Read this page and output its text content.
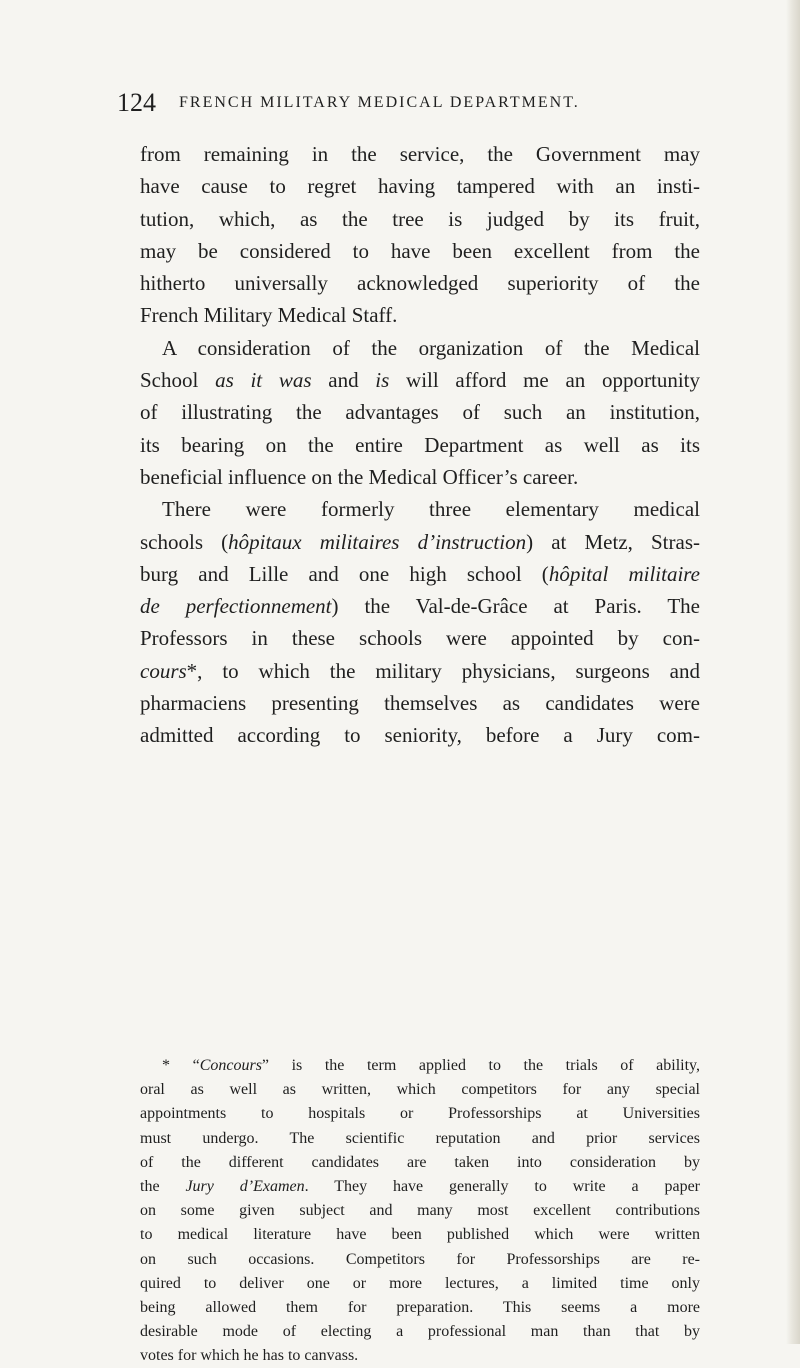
124 FRENCH MILITARY MEDICAL DEPARTMENT.
from remaining in the service, the Government may
have cause to regret having tampered with an insti-
tution, which, as the tree is judged by its fruit,
may be considered to have been excellent from the
hitherto universally acknowledged superiority of the
French Military Medical Staff.
A consideration of the organization of the Medical
School as it was and is will afford me an opportunity
of illustrating the advantages of such an institution,
its bearing on the entire Department as well as its
beneficial influence on the Medical Officer’s career.
There were formerly three elementary medical
schools (hôpitaux militaires d’instruction) at Metz, Stras-
burg and Lille and one high school (hôpital militaire
de perfectionnement) the Val-de-Grâce at Paris. The
Professors in these schools were appointed by con-
cours*, to which the military physicians, surgeons and
pharmaciens presenting themselves as candidates were
admitted according to seniority, before a Jury com-
* “Concours” is the term applied to the trials of ability,
oral as well as written, which competitors for any special
appointments to hospitals or Professorships at Universities
must undergo. The scientific reputation and prior services
of the different candidates are taken into consideration by
the Jury d’Examen. They have generally to write a paper
on some given subject and many most excellent contributions
to medical literature have been published which were written
on such occasions. Competitors for Professorships are re-
quired to deliver one or more lectures, a limited time only
being allowed them for preparation. This seems a more
desirable mode of electing a professional man than that by
votes for which he has to canvass.
